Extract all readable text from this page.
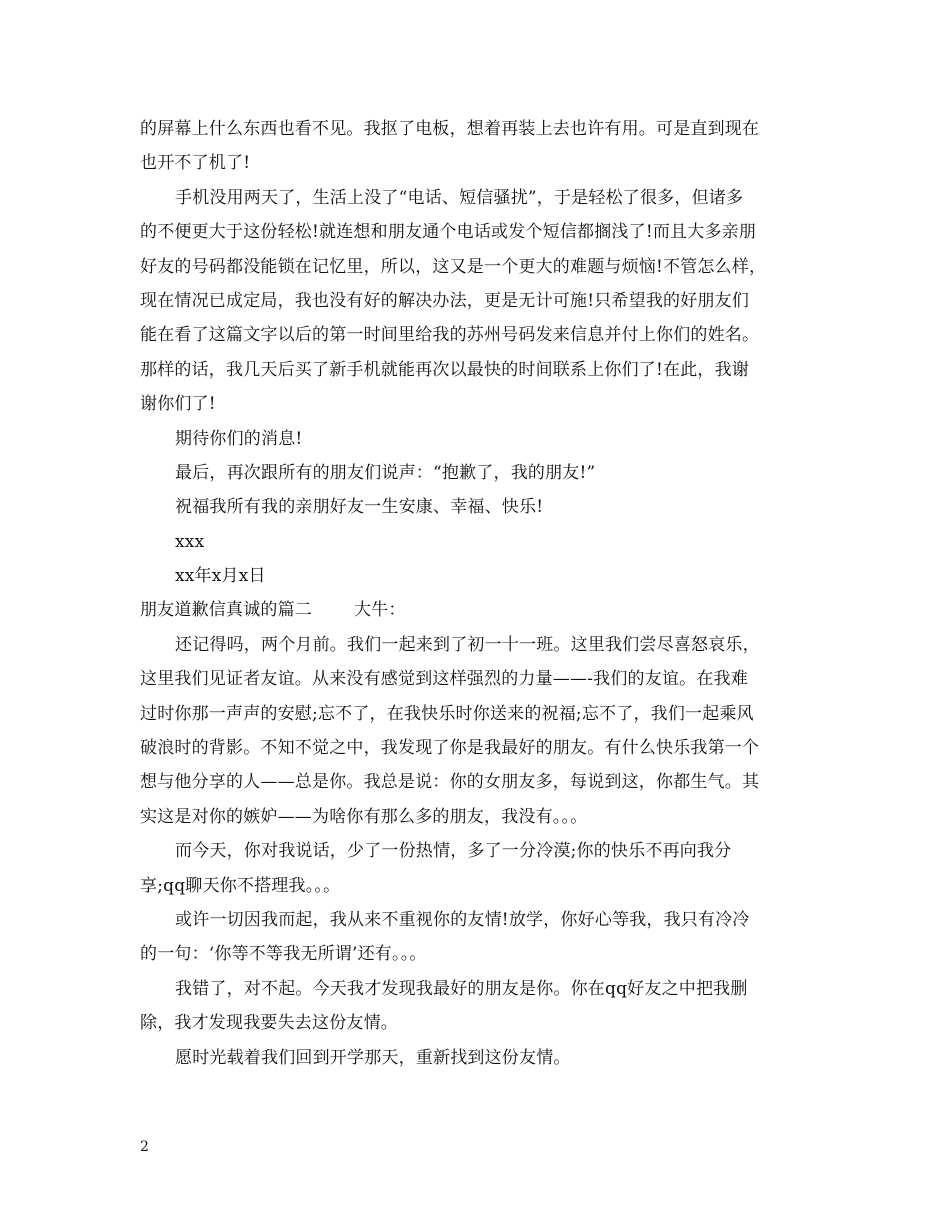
的屏幕上什么东西也看不见。我抠了电板，想着再装上去也许有用。可是直到现在
也开不了机了!
手机没用两天了，生活上没了“电话、短信骚扰”，于是轻松了很多，但诸多
的不便更大于这份轻松!就连想和朋友通个电话或发个短信都搁浅了!而且大多亲朋
好友的号码都没能锁在记忆里，所以，这又是一个更大的难题与烦恼!不管怎么样，
现在情况已成定局，我也没有好的解决办法，更是无计可施!只希望我的好朋友们
能在看了这篇文字以后的第一时间里给我的苏州号码发来信息并付上你们的姓名。
那样的话，我几天后买了新手机就能再次以最快的时间联系上你们了!在此，我谢
谢你们了!
期待你们的消息!
最后，再次跟所有的朋友们说声：“抱歉了，我的朋友!”
祝福我所有我的亲朋好友一生安康、幸福、快乐!
xxx
xx年x月x日
朋友道歉信真诚的篇二 大牛：
还记得吗，两个月前。我们一起来到了初一十一班。这里我们尝尽喜怒哀乐，
这里我们见证者友谊。从来没有感觉到这样强烈的力量——-我们的友谊。在我难
过时你那一声声的安慰;忘不了，在我快乐时你送来的祝福;忘不了，我们一起乘风
破浪时的背影。不知不觉之中，我发现了你是我最好的朋友。有什么快乐我第一个
想与他分享的人——总是你。我总是说：你的女朋友多，每说到这，你都生气。其
实这是对你的嫉妒——为啥你有那么多的朋友，我没有。。。
而今天，你对我说话，少了一份热情，多了一分冷漠;你的快乐不再向我分
享;qq聊天你不搭理我。。。
或许一切因我而起，我从来不重视你的友情!放学，你好心等我，我只有冷冷
的一句：‘你等不等我无所谓’还有。。。
我错了，对不起。今天我才发现我最好的朋友是你。你在qq好友之中把我删
除，我才发现我要失去这份友情。
愿时光载着我们回到开学那天，重新找到这份友情。
2
